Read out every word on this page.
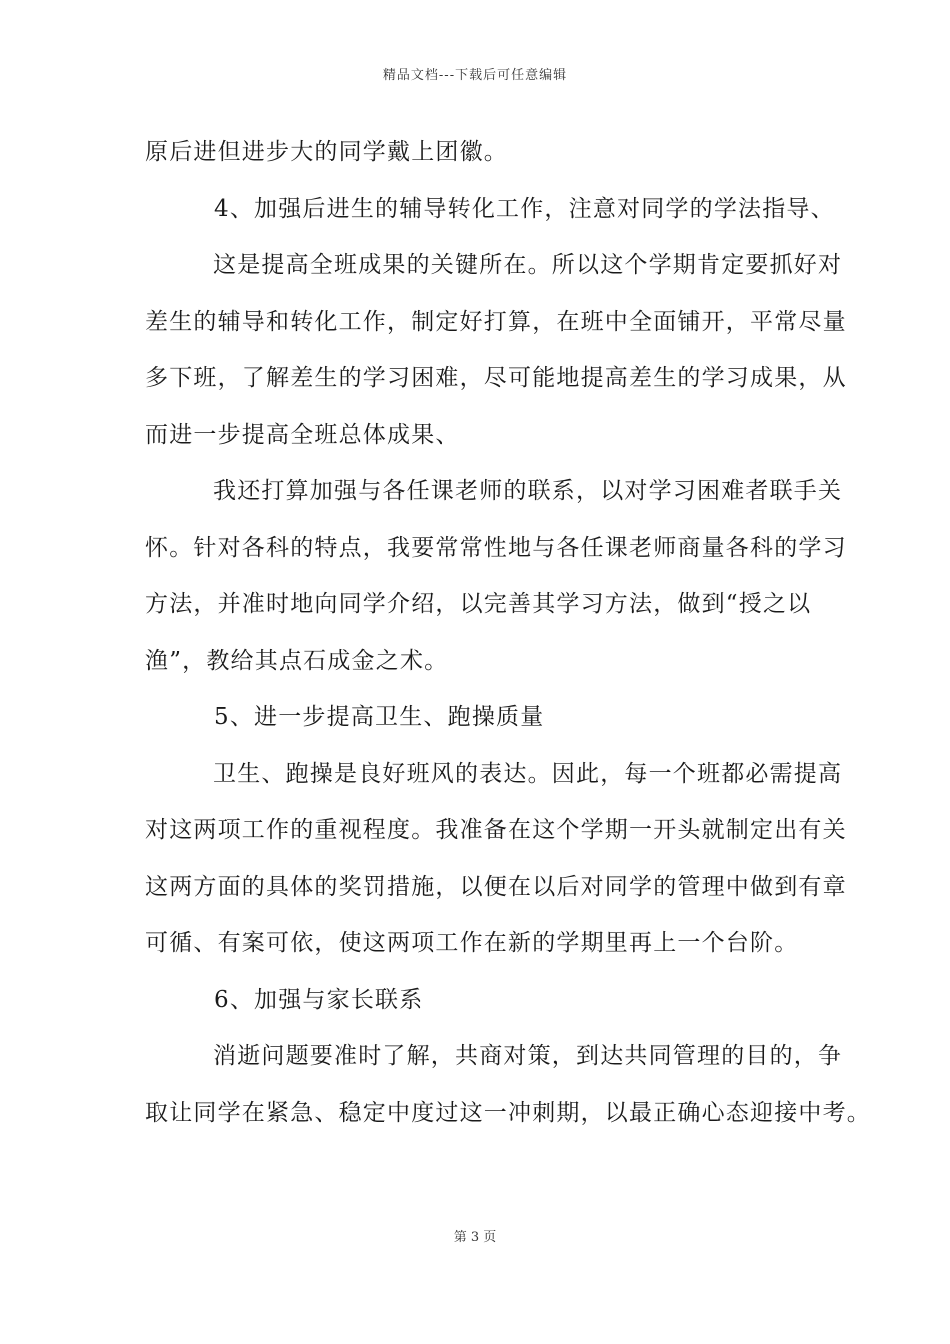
精品文档---下载后可任意编辑
原后进但进步大的同学戴上团徽。
4、加强后进生的辅导转化工作，注意对同学的学法指导、
这是提高全班成果的关键所在。所以这个学期肯定要抓好对
差生的辅导和转化工作，制定好打算，在班中全面铺开，平常尽量
多下班，了解差生的学习困难，尽可能地提高差生的学习成果，从
而进一步提高全班总体成果、
我还打算加强与各任课老师的联系，以对学习困难者联手关
怀。针对各科的特点，我要常常性地与各任课老师商量各科的学习
方法，并准时地向同学介绍，以完善其学习方法，做到“授之以
渔”，教给其点石成金之术。
5、进一步提高卫生、跑操质量
卫生、跑操是良好班风的表达。因此，每一个班都必需提高
对这两项工作的重视程度。我准备在这个学期一开头就制定出有关
这两方面的具体的奖罚措施，以便在以后对同学的管理中做到有章
可循、有案可依，使这两项工作在新的学期里再上一个台阶。
6、加强与家长联系
消逝问题要准时了解，共商对策，到达共同管理的目的，争
取让同学在紧急、稳定中度过这一冲刺期，以最正确心态迎接中考。
第 3 页
